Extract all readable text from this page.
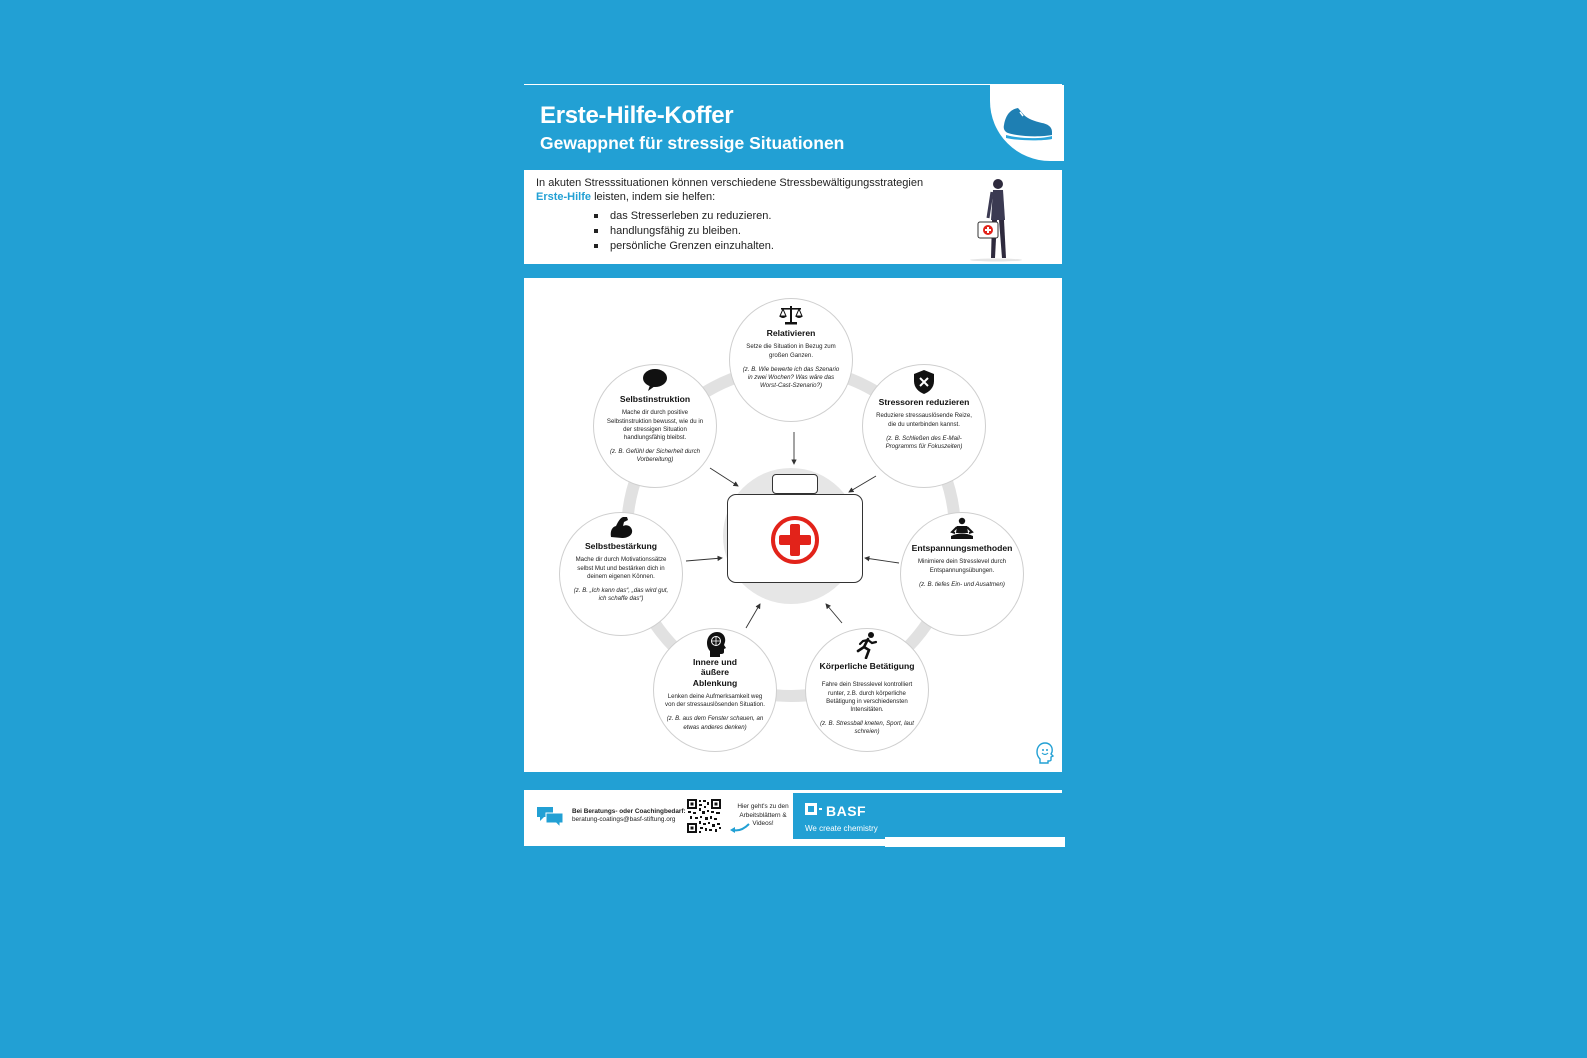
Erste-Hilfe-Koffer
Gewappnet für stressige Situationen

In akuten Stresssituationen können verschiedene Stressbewältigungsstrategien

Erste-Hilfe leisten, indem sie helfen:

das Stresserleben zu reduzieren.
handlungsfähig zu bleiben.
persönliche Grenzen einzuhalten.

Relativieren

Setze die Situation in Bezug zum großen Ganzen.

(z. B. Wie bewerte ich das Szenario in zwei Wochen? Was wäre das Worst-Cast-Szenario?)

Stressoren reduzieren

Reduziere stressauslösende Reize, die du unterbinden kannst.

(z. B. Schließen des E-Mail-Programms für Fokuszeiten)

Entspannungsmethoden

Minimiere dein Stresslevel durch Entspannungsübungen.

(z. B. tiefes Ein- und Ausatmen)

Körperliche Betätigung

Fahre dein Stresslevel kontrolliert runter, z.B. durch körperliche Betätigung in verschiedensten Intensitäten.

(z. B. Stressball kneten, Sport, laut schreien)

Innere und äußere Ablenkung

Lenken deine Aufmerksamkeit weg von der stressauslösenden Situation.

(z. B. aus dem Fenster schauen, an etwas anderes denken)

Selbstbestärkung

Mache dir durch Motivationssätze selbst Mut und bestärken dich in deinem eigenen Können.

(z. B. „Ich kann das“, „das wird gut, ich schaffe das“)

Selbstinstruktion

Mache dir durch positive Selbstinstruktion bewusst, wie du in der stressigen Situation handlungsfähig bleibst.

(z. B. Gefühl der Sicherheit durch Vorbereitung)

Bei Beratungs- oder Coachingbedarf:

beratung-coatings@basf-stiftung.org

Hier geht's zu den Arbeitsblättern & Videos!

BASF
We create chemistry
